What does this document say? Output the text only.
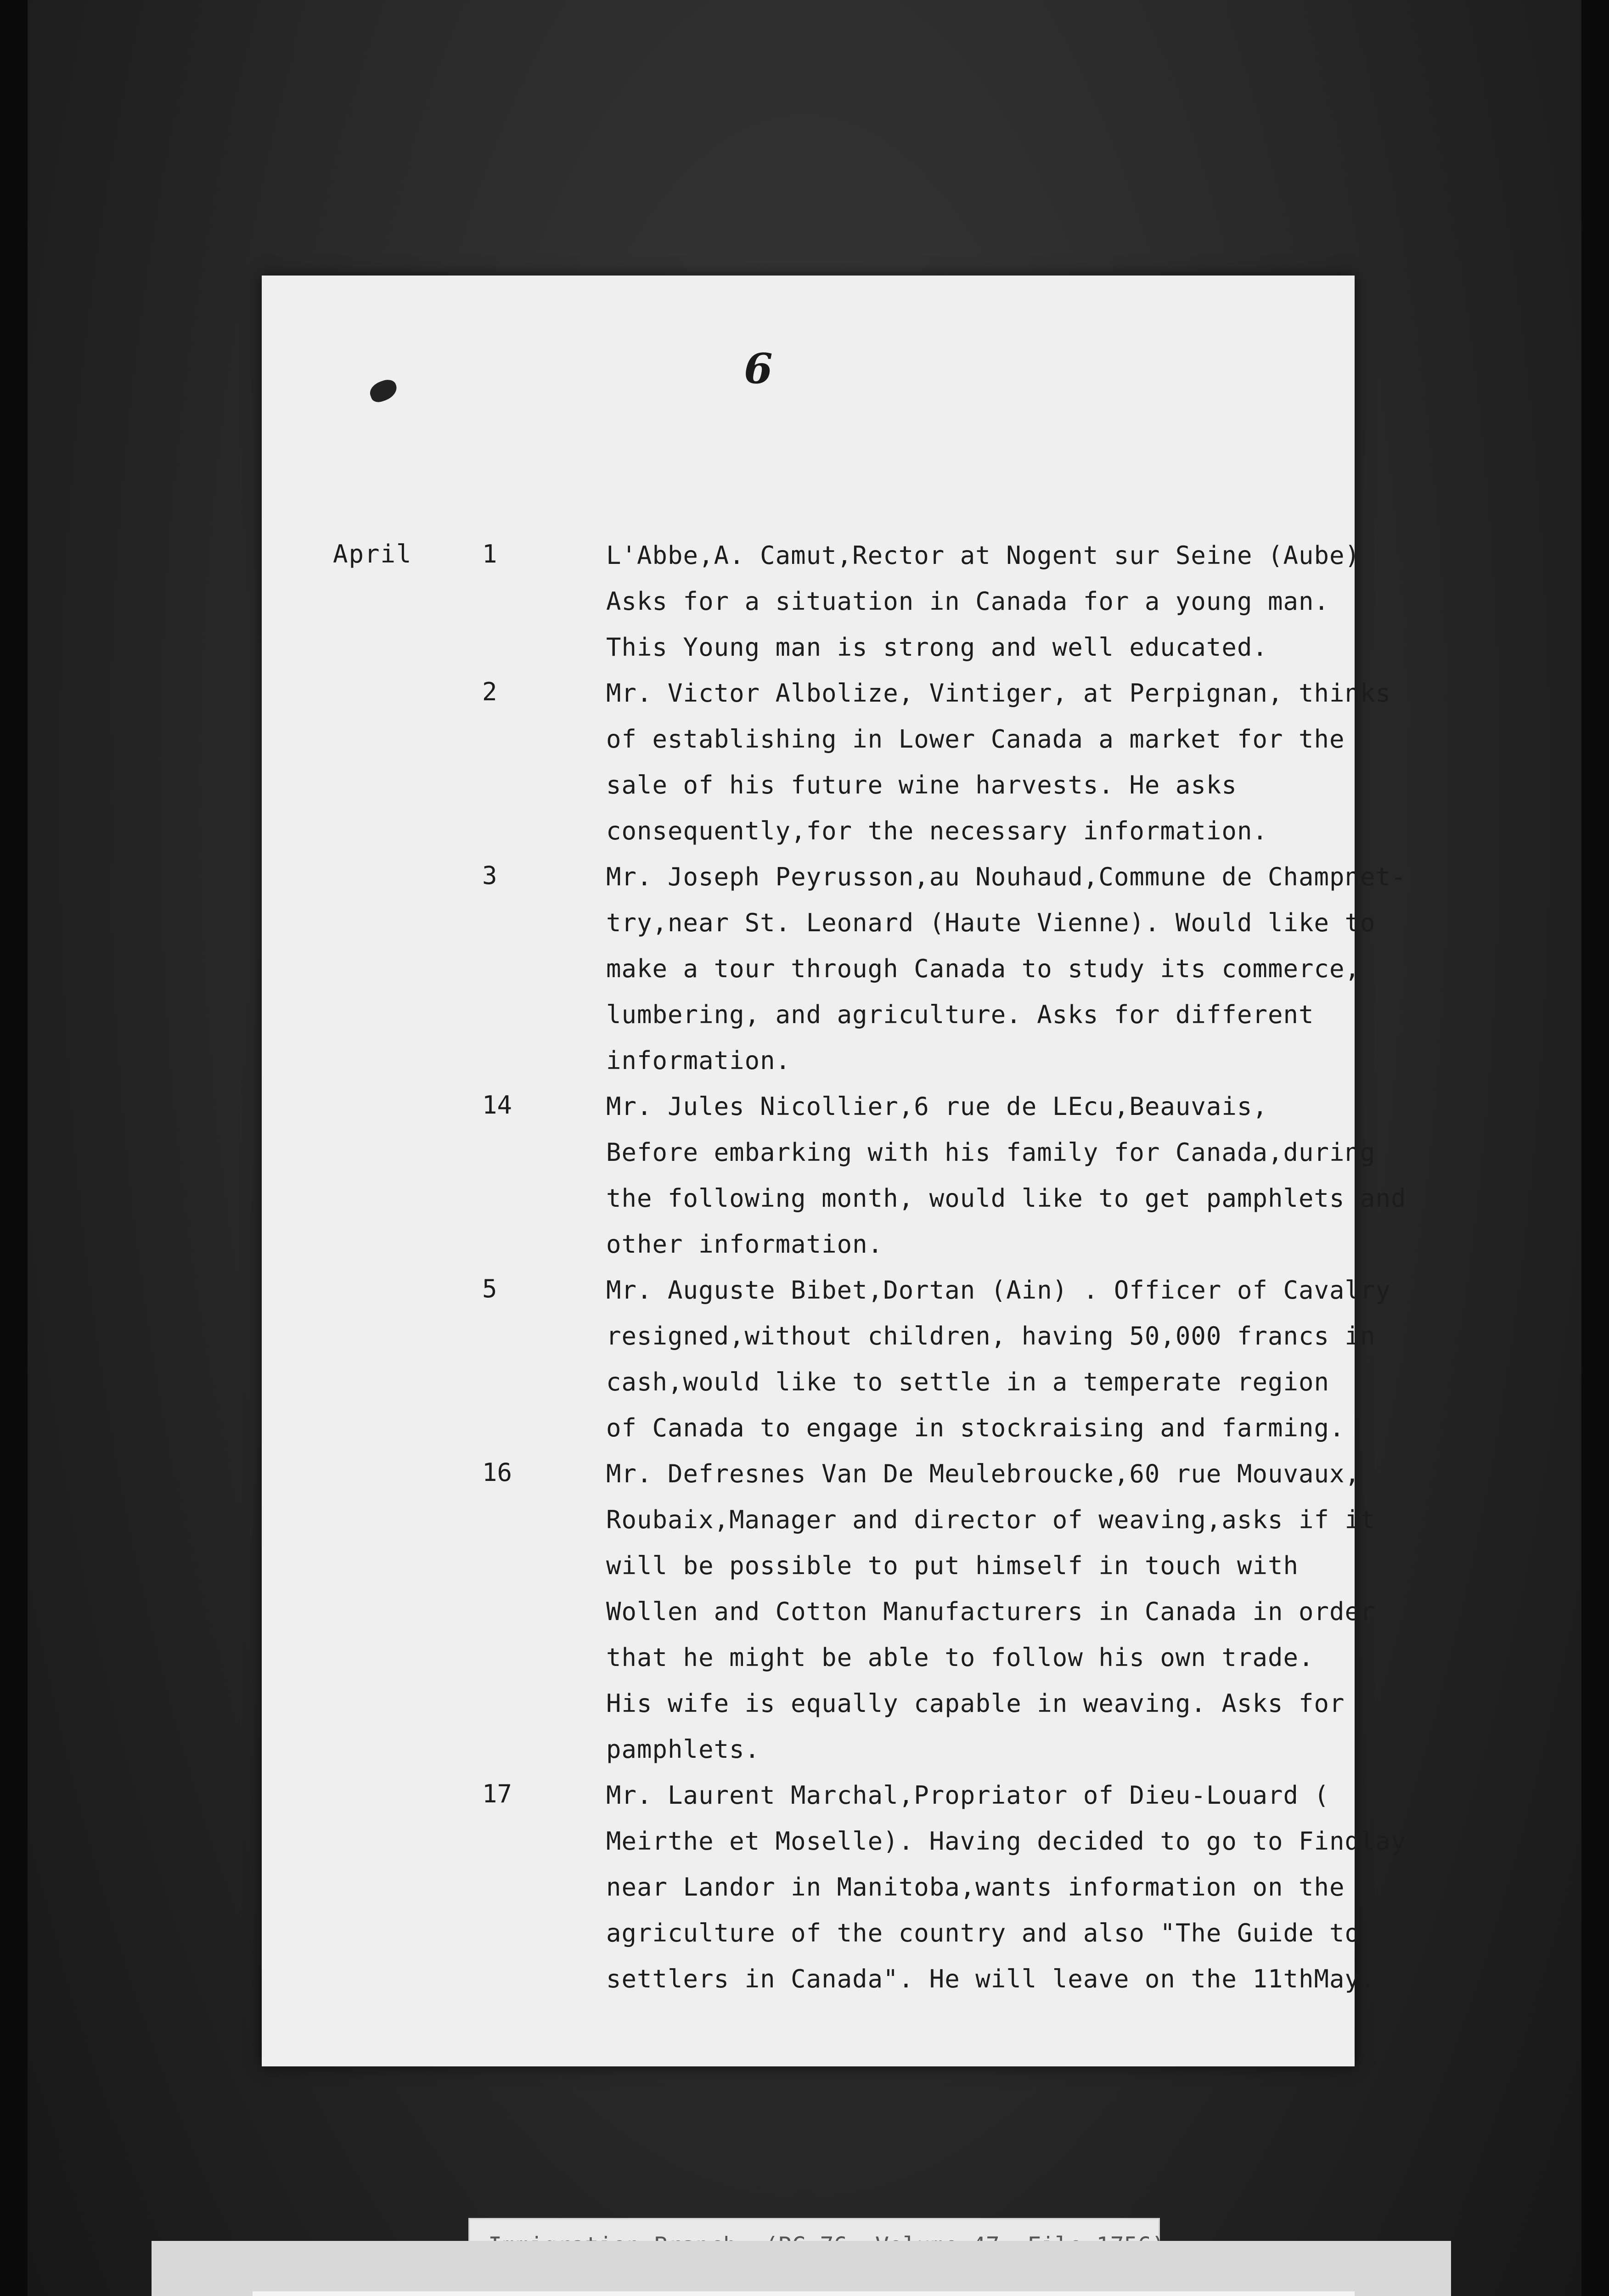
6
April	1	L'Abbe,A. Camut,Rector at Nogent sur Seine (Aube)
Asks for a situation in Canada for a young man.
This Young man is strong and well educated.
2	Mr. Victor Albolize, Vintiger, at Perpignan, thinks
of establishing in Lower Canada a market for the
sale of his future wine harvests. He asks
consequently,for the necessary information.
3	Mr. Joseph Peyrusson,au Nouhaud,Commune de Champnet-
try,near St. Leonard (Haute Vienne). Would like to
make a tour through Canada to study its commerce,
lumbering, and agriculture. Asks for different
information.
14	Mr. Jules Nicollier,6 rue de LEcu,Beauvais,
Before embarking with his family for Canada,during
the following month, would like to get pamphlets and
other information.
5	Mr. Auguste Bibet,Dortan (Ain) . Officer of Cavalry
resigned,without children, having 50,000 francs in
cash,would like to settle in a temperate region
of Canada to engage in stockraising and farming.
16	Mr. Defresnes Van De Meulebroucke,60 rue Mouvaux,
Roubaix,Manager and director of weaving,asks if it
will be possible to put himself in touch with
Wollen and Cotton Manufacturers in Canada in order
that he might be able to follow his own trade.
His wife is equally capable in weaving. Asks for
pamphlets.
17	Mr. Laurent Marchal,Propriator of Dieu-Louard (
Meirthe et Moselle). Having decided to go to Findlay
near Landor in Manitoba,wants information on the
agriculture of the country and also "The Guide to
settlers in Canada". He will leave on the 11thMay.
